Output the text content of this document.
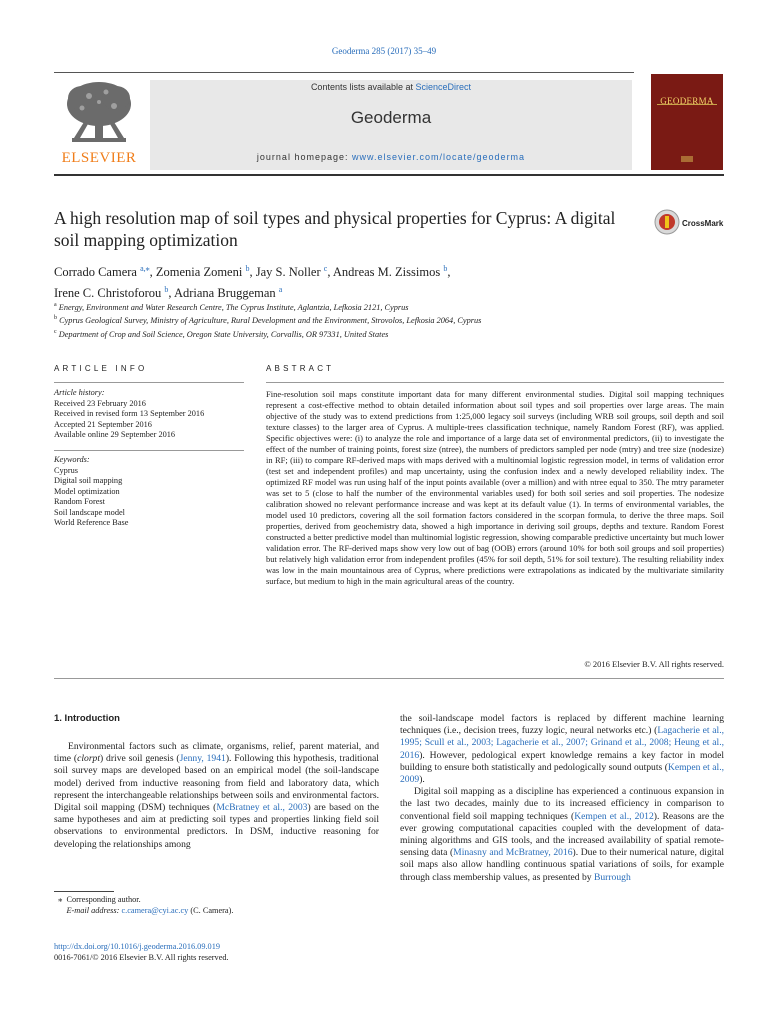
Geoderma 285 (2017) 35–49
ELSEVIER
Contents lists available at ScienceDirect
Geoderma
journal homepage: www.elsevier.com/locate/geoderma
GEODERMA
A high resolution map of soil types and physical properties for Cyprus: A digital soil mapping optimization
CrossMark
Corrado Camera $^{a,⁎}$, Zomenia Zomeni $^b$, Jay S. Noller $^c$, Andreas M. Zissimos $^b$,
Irene C. Christoforou $^b$, Adriana Bruggeman $^a$
$^a$ Energy, Environment and Water Research Centre, The Cyprus Institute, Aglantzia, Lefkosia 2121, Cyprus
$^b$ Cyprus Geological Survey, Ministry of Agriculture, Rural Development and the Environment, Strovolos, Lefkosia 2064, Cyprus
$^c$ Department of Crop and Soil Science, Oregon State University, Corvallis, OR 97331, United States
ARTICLE INFO
Article history:
Received 23 February 2016
Received in revised form 13 September 2016
Accepted 21 September 2016
Available online 29 September 2016
Keywords:
Cyprus
Digital soil mapping
Model optimization
Random Forest
Soil landscape model
World Reference Base
ABSTRACT
Fine-resolution soil maps constitute important data for many different environmental studies. Digital soil mapping techniques represent a cost-effective method to obtain detailed information about soil types and soil properties over large areas. The main objective of the study was to extend predictions from 1:25,000 legacy soil surveys (including WRB soil groups, soil depth and soil texture classes) to the larger area of Cyprus. A multiple-trees classification technique, namely Random Forest (RF), was applied. Specific objectives were: (i) to analyze the role and importance of a large data set of environmental predictors, (ii) to investigate the effect of the number of training points, forest size (ntree), the numbers of predictors sampled per node (mtry) and tree size (nodesize) in RF; (iii) to compare RF-derived maps with maps derived with a multinomial logistic regression model, in terms of validation error (test set and independent profiles) and map uncertainty, using the confusion index and a newly developed reliability index. The optimized RF model was run using half of the input points available (over a million) and with ntree equal to 350. The mtry parameter was set to 5 (close to half the number of the environmental variables used) for both soil series and soil properties. The nodesize calibration showed no relevant performance increase and was kept at its default value (1). In terms of environmental variables, the model used 10 predictors, covering all the soil formation factors considered in the scorpan formula, to derive the three maps. Soil properties, derived from geochemistry data, showed a high importance in deriving soil groups, depths and texture. Random Forest constructed a better predictive model than multinomial logistic regression, showing comparable predictive uncertainty but much lower validation error. The RF-derived maps show very low out of bag (OOB) errors (around 10% for both soil groups and soil properties) but relatively high validation error from independent profiles (45% for soil depth, 51% for soil texture). The resulting reliability index was low in the main mountainous area of Cyprus, where predictions were extrapolations as indicated by the multivariate similarity surface, but medium to high in the main agricultural areas of the country.
© 2016 Elsevier B.V. All rights reserved.
1. Introduction

Environmental factors such as climate, organisms, relief, parent material, and time (clorpt) drive soil genesis (Jenny, 1941). Following this hypothesis, traditional soil survey maps are developed based on an empirical model (the soil-landscape model) derived from inductive reasoning from field and laboratory data, which represent the interchangeable relationships between soils and environmental factors. Digital soil mapping (DSM) techniques (McBratney et al., 2003) are based on the same hypotheses and aim at predicting soil types and properties linking field soil observations to environmental predictors. In DSM, inductive reasoning for developing the relationships among

the soil-landscape model factors is replaced by different machine learning techniques (i.e., decision trees, fuzzy logic, neural networks etc.) (Lagacherie et al., 1995; Scull et al., 2003; Lagacherie et al., 2007; Grinand et al., 2008; Heung et al., 2016). However, pedological expert knowledge remains a key factor in model building to ensure both statistically and pedologically sound outputs (Kempen et al., 2009).

Digital soil mapping as a discipline has experienced a continuous expansion in the last two decades, mainly due to its increased efficiency in comparison to conventional field soil mapping techniques (Kempen et al., 2012). Reasons are the ever growing computational capacities coupled with the development of data-mining algorithms and GIS tools, and the increased availability of spatial remote-sensing data (Minasny and McBratney, 2016). Due to their numerical nature, digital soil maps also allow handling continuous spatial variations of soils, for example through class membership values, as presented by Burrough

⁎ Corresponding author.
E-mail address: c.camera@cyi.ac.cy (C. Camera).
http://dx.doi.org/10.1016/j.geoderma.2016.09.019
0016-7061/© 2016 Elsevier B.V. All rights reserved.
